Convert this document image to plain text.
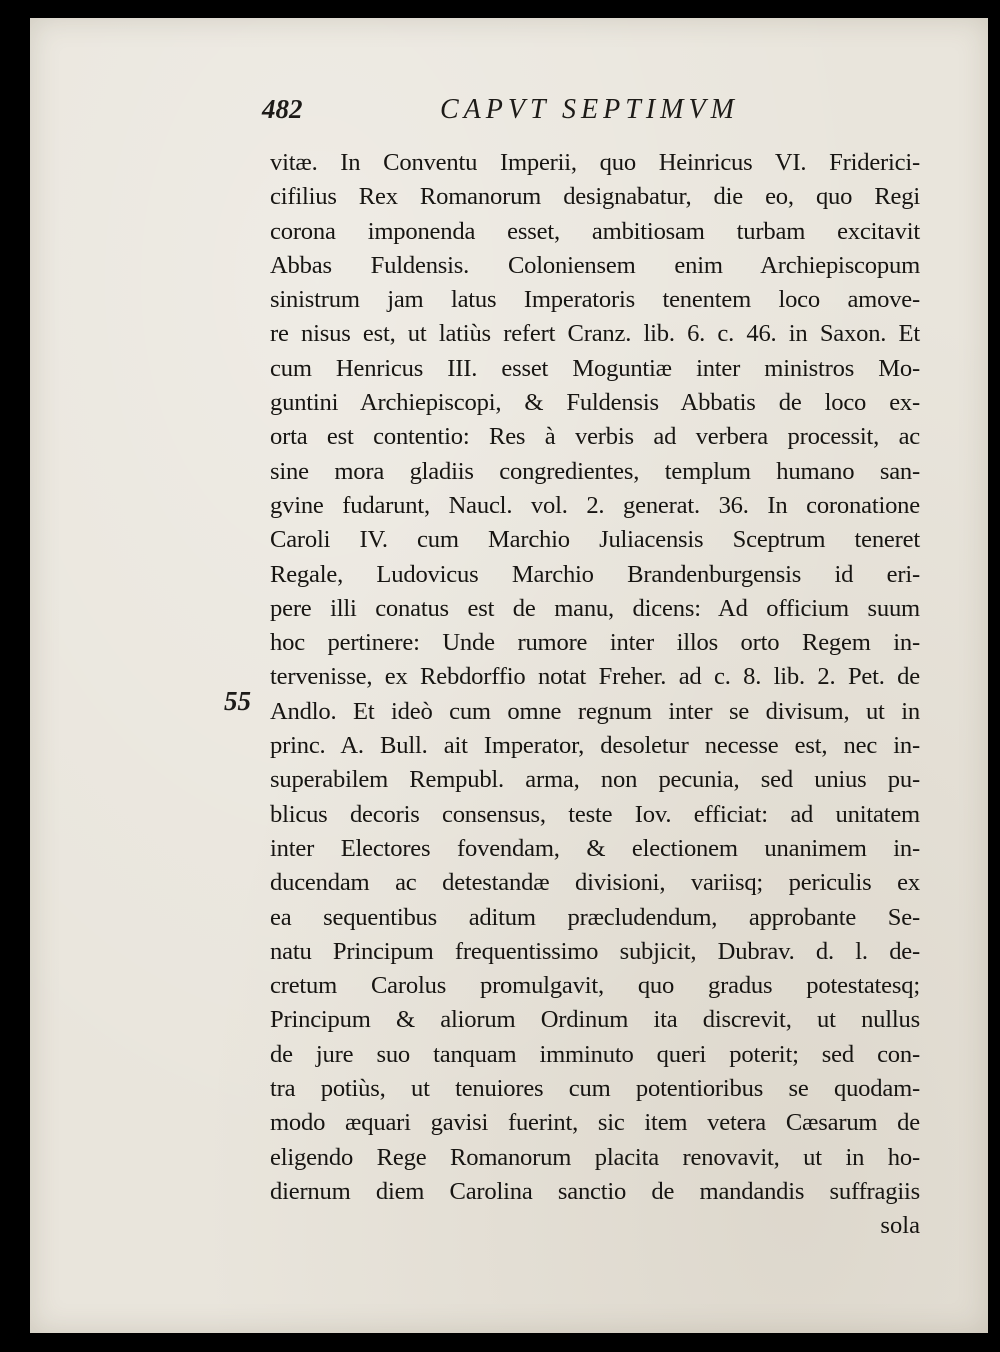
482	CAPVT SEPTIMVM
55
vitæ. In Conventu Imperii, quo Heinricus VI. Friderici-
cifilius Rex Romanorum designabatur, die eo, quo Regi
corona imponenda esset, ambitiosam turbam excitavit
Abbas Fuldensis. Coloniensem enim Archiepiscopum
sinistrum jam latus Imperatoris tenentem loco amove-
re nisus est, ut latiùs refert Cranz. lib. 6. c. 46. in Saxon. Et
cum Henricus III. esset Moguntiæ inter ministros Mo-
guntini Archiepiscopi, & Fuldensis Abbatis de loco ex-
orta est contentio: Res à verbis ad verbera processit, ac
sine mora gladiis congredientes, templum humano san-
gvine fudarunt, Naucl. vol. 2. generat. 36. In coronatione
Caroli IV. cum Marchio Juliacensis Sceptrum teneret
Regale, Ludovicus Marchio Brandenburgensis id eri-
pere illi conatus est de manu, dicens: Ad officium suum
hoc pertinere: Unde rumore inter illos orto Regem in-
tervenisse, ex Rebdorffio notat Freher. ad c. 8. lib. 2. Pet. de
Andlo. Et ideò cum omne regnum inter se divisum, ut in
princ. A. Bull. ait Imperator, desoletur necesse est, nec in-
superabilem Rempubl. arma, non pecunia, sed unius pu-
blicus decoris consensus, teste Iov. efficiat: ad unitatem
inter Electores fovendam, & electionem unanimem in-
ducendam ac detestandæ divisioni, variisq; periculis ex
ea sequentibus aditum præcludendum, approbante Se-
natu Principum frequentissimo subjicit, Dubrav. d. l. de-
cretum Carolus promulgavit, quo gradus potestatesq;
Principum & aliorum Ordinum ita discrevit, ut nullus
de jure suo tanquam imminuto queri poterit; sed con-
tra potiùs, ut tenuiores cum potentioribus se quodam-
modo æquari gavisi fuerint, sic item vetera Cæsarum de
eligendo Rege Romanorum placita renovavit, ut in ho-
diernum diem Carolina sanctio de mandandis suffragiis
sola
